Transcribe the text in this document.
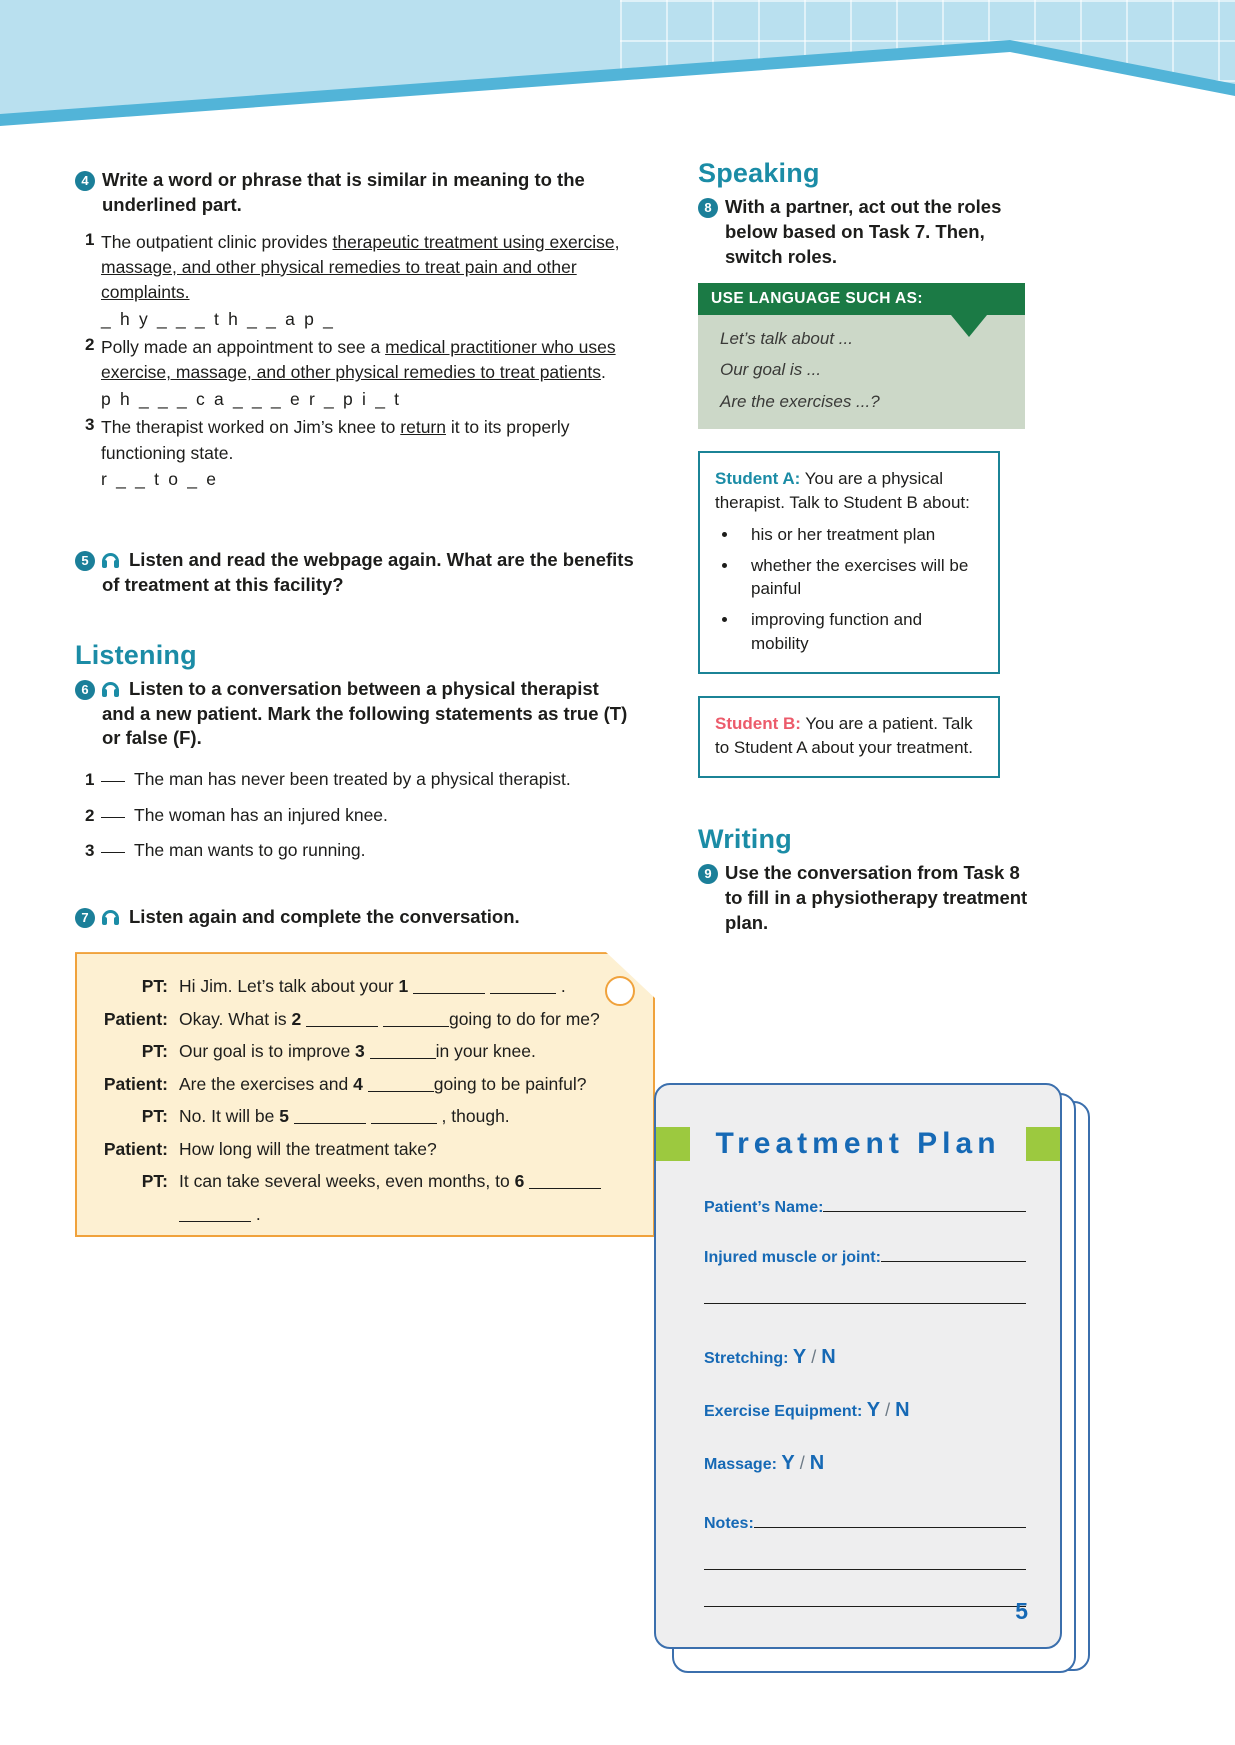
4 Write a word or phrase that is similar in meaning to the underlined part.
1 The outpatient clinic provides therapeutic treatment using exercise, massage, and other physical remedies to treat pain and other complaints.
_ h y _ _ _ t h _ _ a p _
2 Polly made an appointment to see a medical practitioner who uses exercise, massage, and other physical remedies to treat patients.
p h _ _ _ c a _ _ _ e r _ p i _ t
3 The therapist worked on Jim’s knee to return it to its properly functioning state.
r _ _ t o _ e
5	Listen and read the webpage again. What are the benefits of treatment at this facility?
Listening
6	Listen to a conversation between a physical therapist and a new patient. Mark the following statements as true (T) or false (F).
1	The man has never been treated by a physical therapist.
2	The woman has an injured knee.
3	The man wants to go running.
7	Listen again and complete the conversation.
PT: Hi Jim. Let’s talk about your 1	.
Patient: Okay. What is 2	going to do for me?
PT: Our goal is to improve 3	in your knee.
Patient: Are the exercises and 4	going to be painful?
PT: No. It will be 5	, though.
Patient: How long will the treatment take?
PT: It can take several weeks, even months, to 6
.
Speaking
8 With a partner, act out the roles below based on Task 7. Then, switch roles.
USE LANGUAGE SUCH AS:
Let’s talk about ...
Our goal is ...
Are the exercises ...?
Student A: You are a physical therapist. Talk to Student B about:
• his or her treatment plan
• whether the exercises will be painful
• improving function and mobility
Student B: You are a patient. Talk to Student A about your treatment.
Writing
9 Use the conversation from Task 8 to fill in a physiotherapy treatment plan.
Treatment Plan
Patient’s Name:
Injured muscle or joint:
Stretching: Y / N
Exercise Equipment: Y / N
Massage: Y / N
Notes:
5
